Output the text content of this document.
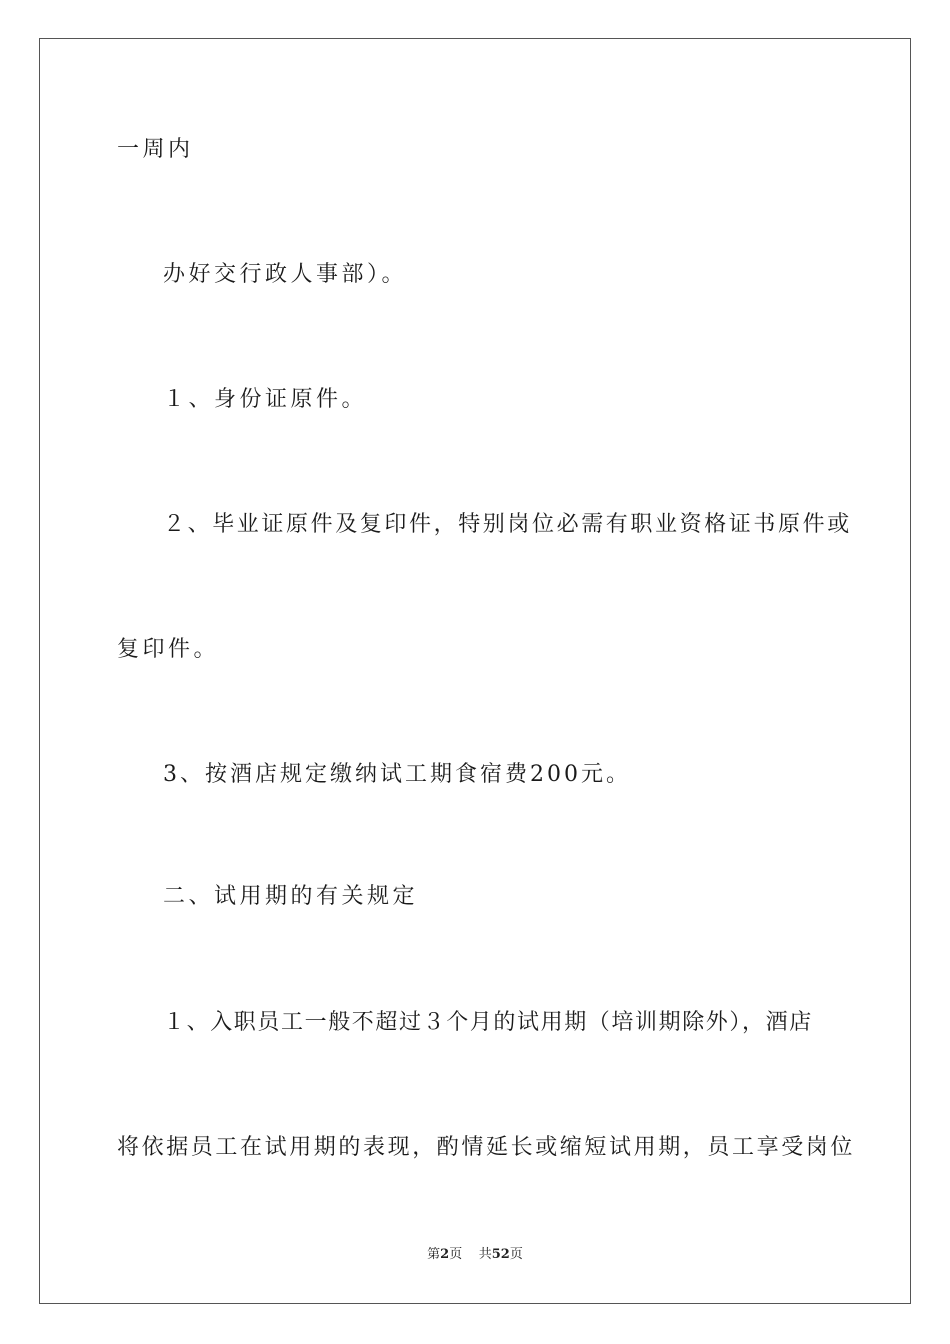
一周内
办好交行政人事部）。
１、身份证原件。
２、毕业证原件及复印件，特别岗位必需有职业资格证书原件或
复印件。
3、按酒店规定缴纳试工期食宿费200元。
二、试用期的有关规定
１、入职员工一般不超过３个月的试用期（培训期除外），酒店
将依据员工在试用期的表现，酌情延长或缩短试用期，员工享受岗位
第2页 共52页
